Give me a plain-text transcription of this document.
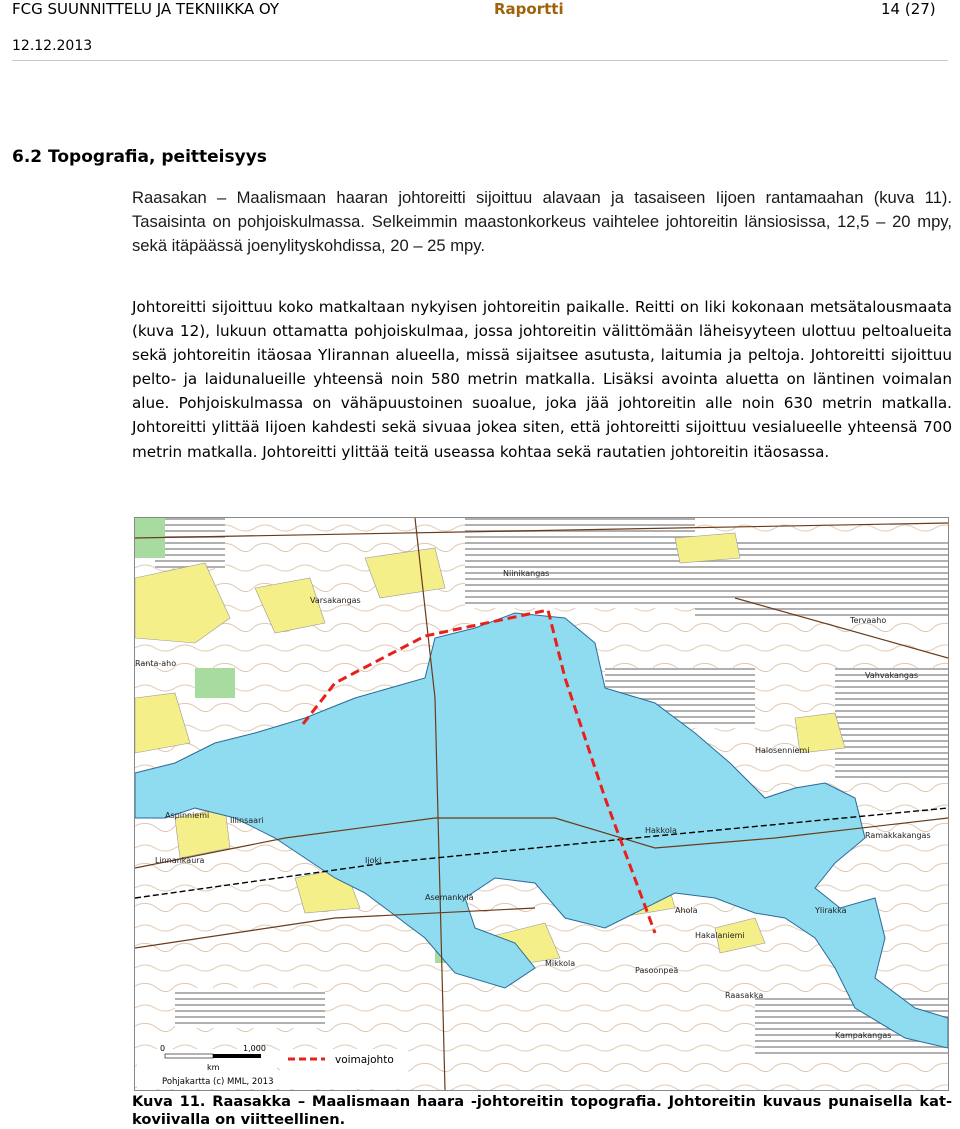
FCG SUUNNITTELU JA TEKNIIKKA OY	Raportti	14 (27)
12.12.2013
6.2 Topografia, peitteisyys

Raasakan – Maalismaan haaran johtoreitti sijoittuu alavaan ja tasaiseen Iijoen rantamaahan (kuva 11). Tasaisinta on pohjoiskulmassa. Selkeimmin maastonkorkeus vaihtelee johtoreitin länsiosissa, 12,5 – 20 mpy, sekä itäpäässä joenylityskohdissa, 20 – 25 mpy.

Johtoreitti sijoittuu koko matkaltaan nykyisen johtoreitin paikalle. Reitti on liki kokonaan metsätalousmaata (kuva 12), lukuun ottamatta pohjoiskulmaa, jossa johtoreitin välittömään läheisyyteen ulottuu peltoalueita sekä johtoreitin itäosaa Ylirannan alueella, missä sijaitsee asutusta, laitumia ja peltoja. Johtoreitti sijoittuu pelto- ja laidunalueille yhteensä noin 580 metrin matkalla. Lisäksi avointa aluetta on läntinen voimalan alue. Pohjoiskulmassa on vähäpuustoinen suoalue, joka jää johtoreitin alle noin 630 metrin matkalla. Johtoreitti ylittää Iijoen kahdesti sekä sivuaa jokea siten, että johtoreitti sijoittuu vesialueelle yhteensä 700 metrin matkalla. Johtoreitti ylittää teitä useassa kohtaa sekä rautatien johtoreitin itäosassa.

Niinikangas
Varsakangas
Ranta-aho
Ijoki
Illinsaari
Aspinniemi
Asemankylä
Hakkola
Halosenniemi
Ramakkakangas
Tervaaho
Vahvakangas
Ylirakka
Kampakangas
Raasakka
Mikkola
Pasoonpeä
Hakalaniemi
Linnankaura
Ahola
0	1,000
km
Pohjakartta (c) MML, 2013
voimajohto
Kuva 11. Raasakka – Maalismaan haara -johtoreitin topografia. Johtoreitin kuvaus punaisella katkoviivalla on viitteellinen.
